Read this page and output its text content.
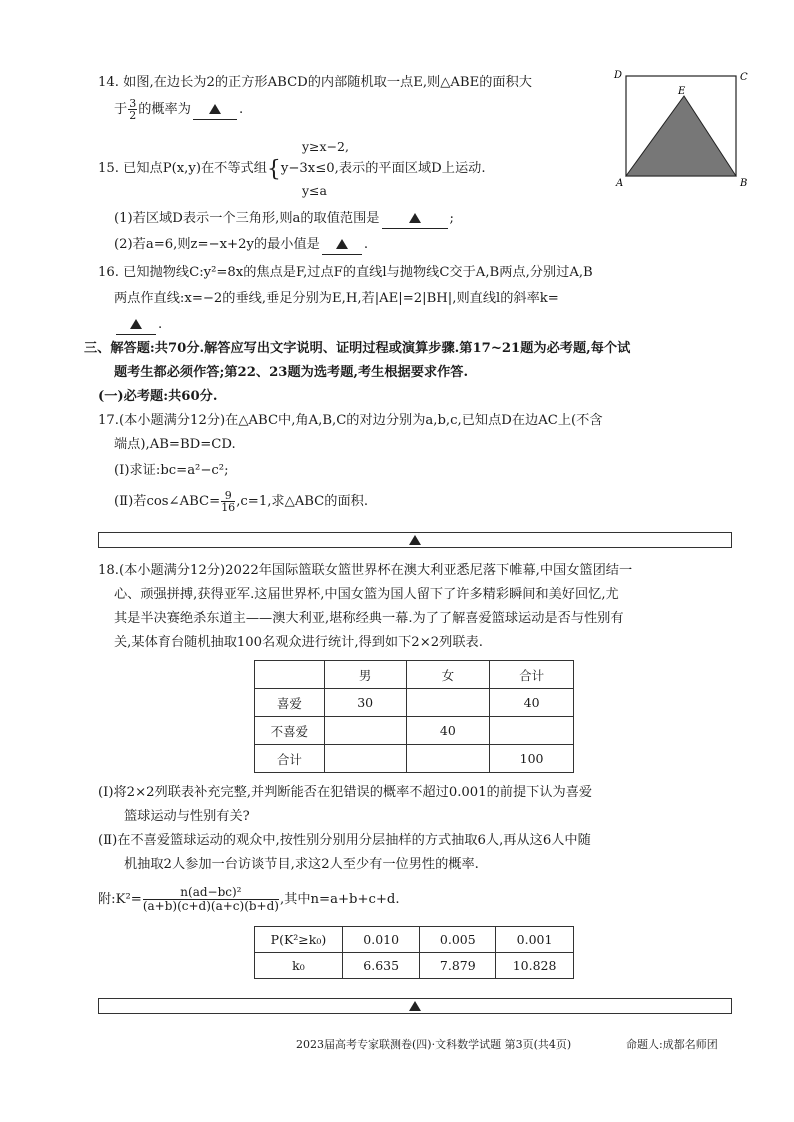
14. 如图,在边长为2的正方形ABCD的内部随机取一点E,则△ABE的面积大
于 $\frac{3}{2}$ 的概率为	.
D	C
E
A	B
y≥x−2,
15. 已知点P(x,y)在不等式组{y−3x≤0,表示的平面区域D上运动.
y≤a
(1)若区域D表示一个三角形,则a的取值范围是	;
(2)若a=6,则z=−x+2y的最小值是	.
16. 已知抛物线C:y²=8x的焦点是F,过点F的直线l与抛物线C交于A,B两点,分别过A,B
两点作直线:x=−2的垂线,垂足分别为E,H,若|AE|=2|BH|,则直线l的斜率k=
.
三、解答题:共70分.解答应写出文字说明、证明过程或演算步骤.第17~21题为必考题,每个试
题考生都必须作答;第22、23题为选考题,考生根据要求作答.
(一)必考题:共60分.
17.(本小题满分12分)在△ABC中,角A,B,C的对边分别为a,b,c,已知点D在边AC上(不含
端点),AB=BD=CD.
(Ⅰ)求证:bc=a²−c²;
(Ⅱ)若cos∠ABC= $\frac{9}{16} ,c=1$,求△ABC的面积.
18.(本小题满分12分)2022年国际篮联女篮世界杯在澳大利亚悉尼落下帷幕,中国女篮团结一
心、顽强拼搏,获得亚军.这届世界杯,中国女篮为国人留下了许多精彩瞬间和美好回忆,尤
其是半决赛绝杀东道主——澳大利亚,堪称经典一幕.为了了解喜爱篮球运动是否与性别有
关,某体育台随机抽取100名观众进行统计,得到如下2×2列联表.
	男	女	合计
喜爱	30		40
不喜爱		40	
合计			100
(Ⅰ)将2×2列联表补充完整,并判断能否在犯错误的概率不超过0.001的前提下认为喜爱
篮球运动与性别有关?
(Ⅱ)在不喜爱篮球运动的观众中,按性别分别用分层抽样的方式抽取6人,再从这6人中随
机抽取2人参加一台访谈节目,求这2人至少有一位男性的概率.
附:K²= $\frac{\text{n(ad−bc)²}}{(a+b)(c+d)(a+c)(b+d)}$ ,其中n=a+b+c+d.
P(K²≥k₀)	0.010	0.005	0.001
k₀	6.635	7.879	10.828
2023届高考专家联测卷(四)·文科数学试题 第3页(共4页)	命题人:成都名师团
